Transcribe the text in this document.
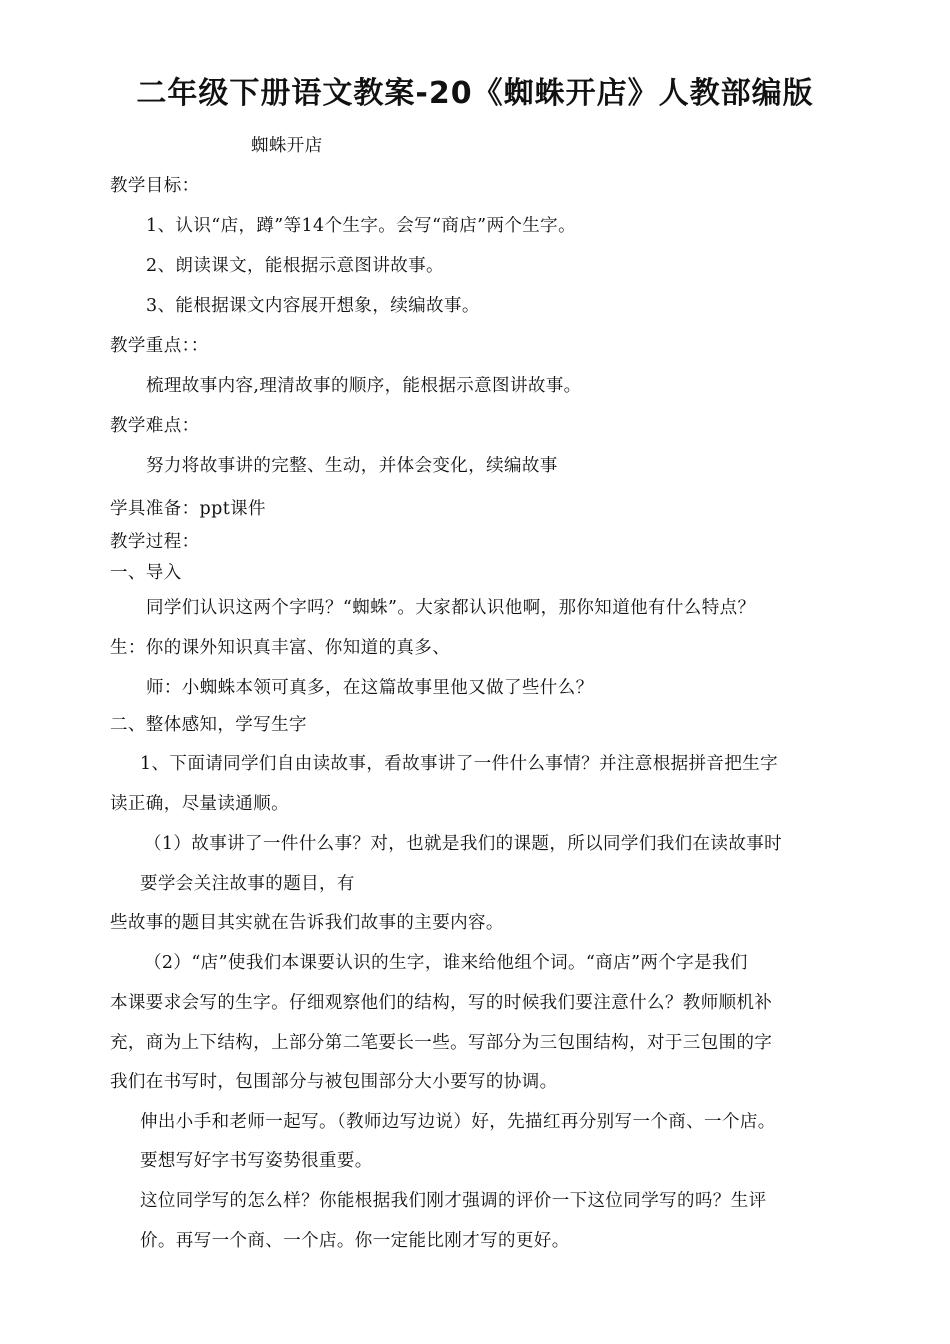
二年级下册语文教案-20《蜘蛛开店》人教部编版
蜘蛛开店
教学目标：
1、认识“店，蹲”等14个生字。会写“商店”两个生字。
2、朗读课文，能根据示意图讲故事。
3、能根据课文内容展开想象，续编故事。
教学重点：：
梳理故事内容,理清故事的顺序，能根据示意图讲故事。
教学难点：
努力将故事讲的完整、生动，并体会变化，续编故事
学具准备：ppt课件
教学过程：
一、导入
同学们认识这两个字吗？“蜘蛛”。大家都认识他啊，那你知道他有什么特点？
生：你的课外知识真丰富、你知道的真多、
师：小蜘蛛本领可真多，在这篇故事里他又做了些什么？
二、整体感知，学写生字
1、下面请同学们自由读故事，看故事讲了一件什么事情？并注意根据拼音把生字
读正确，尽量读通顺。
（1）故事讲了一件什么事？对，也就是我们的课题，所以同学们我们在读故事时
要学会关注故事的题目，有
些故事的题目其实就在告诉我们故事的主要内容。
（2）“店”使我们本课要认识的生字，谁来给他组个词。“商店”两个字是我们
本课要求会写的生字。仔细观察他们的结构，写的时候我们要注意什么？教师顺机补
充，商为上下结构，上部分第二笔要长一些。写部分为三包围结构，对于三包围的字
我们在书写时，包围部分与被包围部分大小要写的协调。
伸出小手和老师一起写。（教师边写边说）好，先描红再分别写一个商、一个店。
要想写好字书写姿势很重要。
这位同学写的怎么样？你能根据我们刚才强调的评价一下这位同学写的吗？生评
价。再写一个商、一个店。你一定能比刚才写的更好。
